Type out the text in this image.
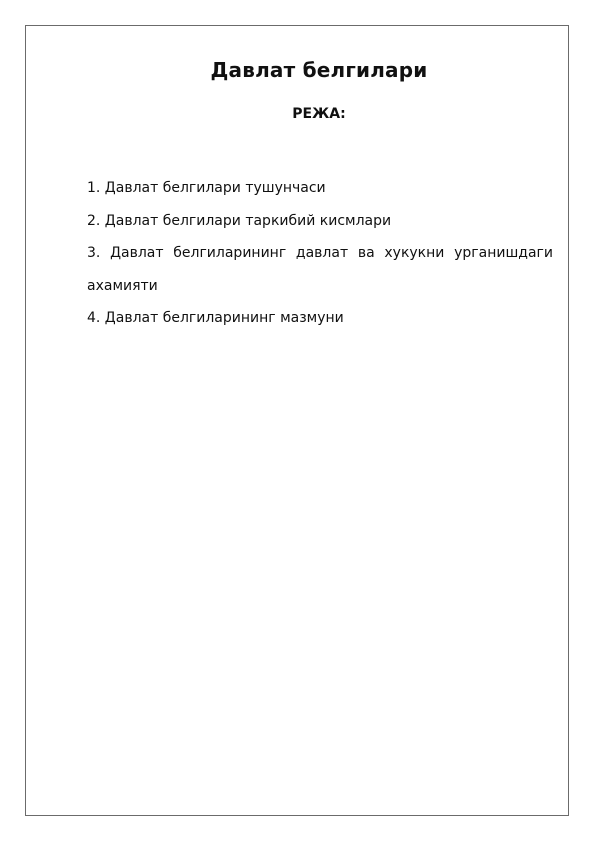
Давлат белгилари
РЕЖА:
1. Давлат белгилари тушунчаси
2. Давлат белгилари таркибий кисмлари
3. Давлат белгиларининг давлат ва хукукни урганишдаги ахамияти
4. Давлат белгиларининг мазмуни
